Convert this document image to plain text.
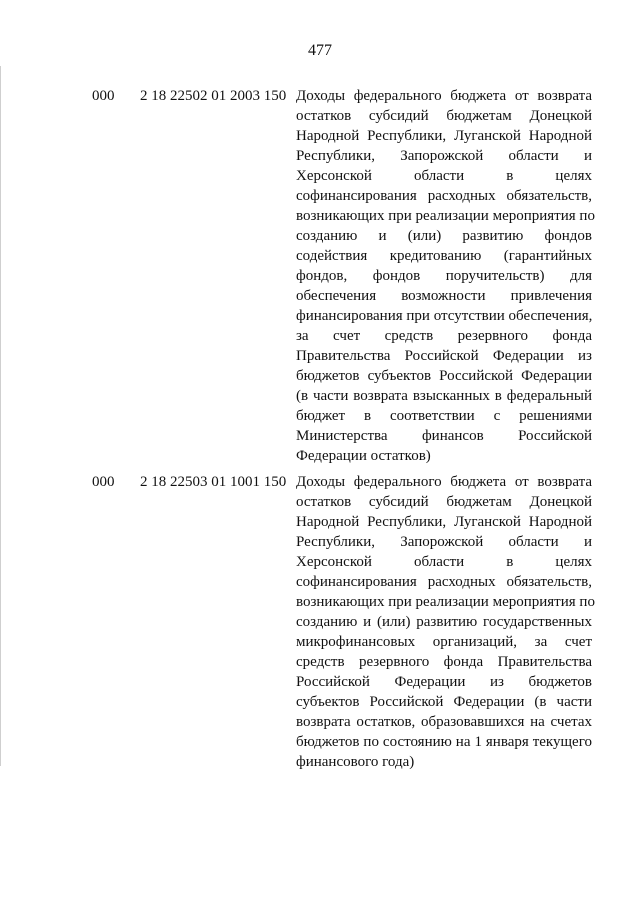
477
000 2 18 22502 01 2003 150 Доходы федерального бюджета от возврата
остатков субсидий бюджетам Донецкой
Народной Республики, Луганской Народной
Республики, Запорожской области и
Херсонской области в целях
софинансирования расходных обязательств,
возникающих при реализации мероприятия по
созданию и (или) развитию фондов
содействия кредитованию (гарантийных
фондов, фондов поручительств) для
обеспечения возможности привлечения
финансирования при отсутствии обеспечения,
за счет средств резервного фонда
Правительства Российской Федерации из
бюджетов субъектов Российской Федерации
(в части возврата взысканных в федеральный
бюджет в соответствии с решениями
Министерства финансов Российской
Федерации остатков)
000 2 18 22503 01 1001 150 Доходы федерального бюджета от возврата
остатков субсидий бюджетам Донецкой
Народной Республики, Луганской Народной
Республики, Запорожской области и
Херсонской области в целях
софинансирования расходных обязательств,
возникающих при реализации мероприятия по
созданию и (или) развитию государственных
микрофинансовых организаций, за счет
средств резервного фонда Правительства
Российской Федерации из бюджетов
субъектов Российской Федерации (в части
возврата остатков, образовавшихся на счетах
бюджетов по состоянию на 1 января текущего
финансового года)
